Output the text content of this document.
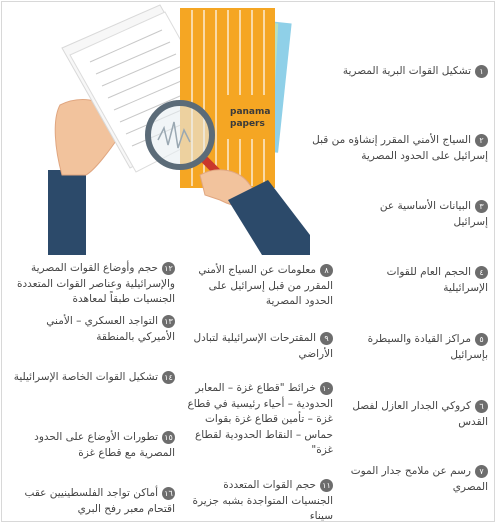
panama
papers
١تشكيل القوات البرية المصرية
٢السياج الأمني المقرر إنشاؤه من قبل إسرائيل على الحدود المصرية
٣البيانات الأساسية عن إسرائيل
٤الحجم العام للقوات الإسرائيلية
٥مراكز القيادة والسيطرة بإسرائيل
٦كروكي الجدار العازل لفصل القدس
٧رسم عن ملامح جدار الموت المصري
٨معلومات عن السياج الأمني المقرر من قبل إسرائيل على الحدود المصرية
٩المقترحات الإسرائيلية لتبادل الأراضي
١٠خرائط "قطاع غزة – المعابر الحدودية – أحياء رئيسية في قطاع غزة – تأمين قطاع غزة بقوات حماس – النقاط الحدودية لقطاع غزة"
١١حجم القوات المتعددة الجنسيات المتواجدة بشبه جزيرة سيناء
١٢حجم وأوضاع القوات المصرية والإسرائيلية وعناصر القوات المتعددة الجنسيات طبقاً لمعاهدة
١٣التواجد العسكري – الأمني الأميركي بالمنطقة
١٤تشكيل القوات الخاصة الإسرائيلية
١٥تطورات الأوضاع على الحدود المصرية مع قطاع غزة
١٦أماكن تواجد الفلسطينيين عقب اقتحام معبر رفح البري
